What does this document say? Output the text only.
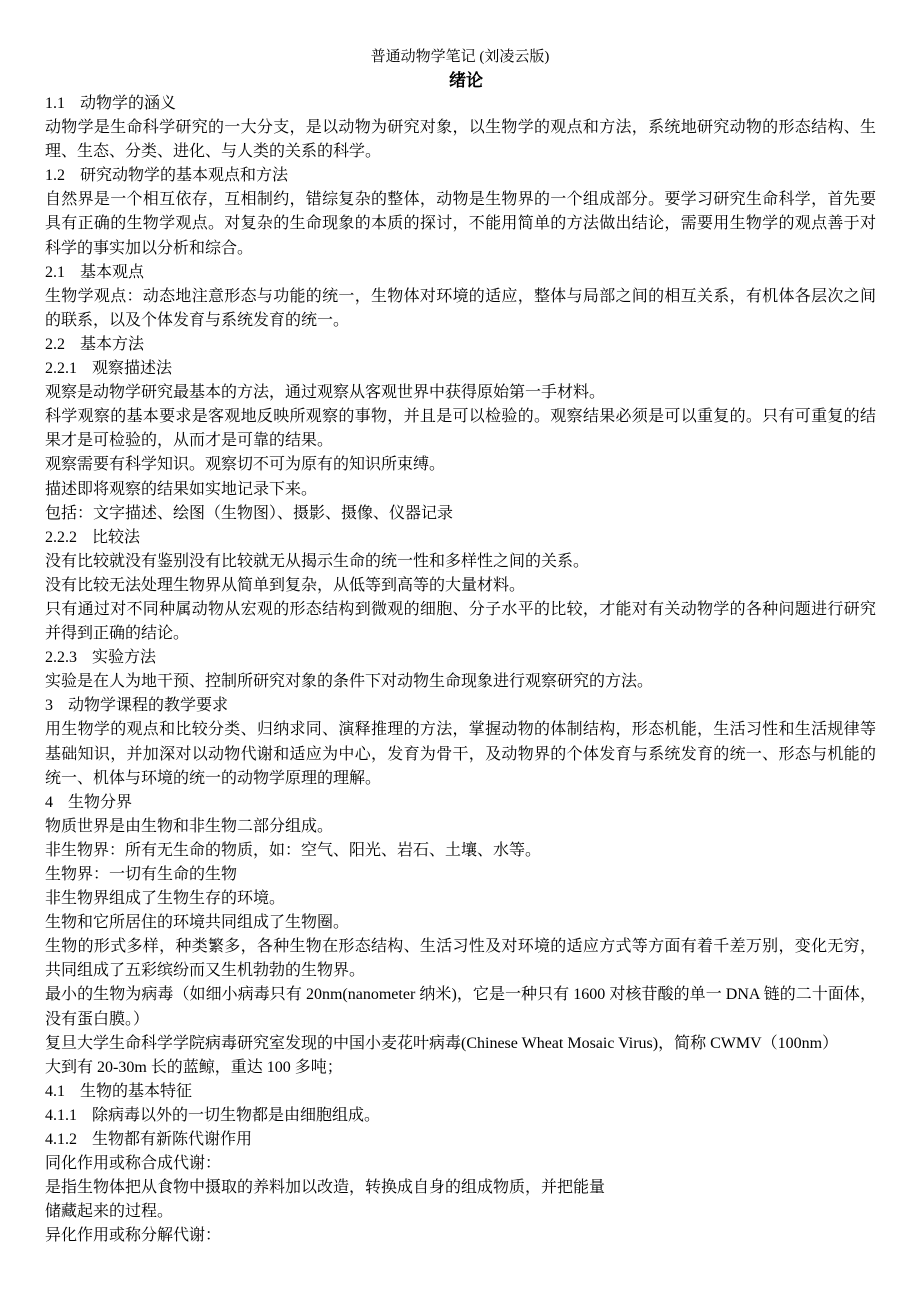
普通动物学笔记 (刘凌云版)
绪论
1.1 动物学的涵义
动物学是生命科学研究的一大分支，是以动物为研究对象，以生物学的观点和方法，系统地研究动物的形态结构、生
理、生态、分类、进化、与人类的关系的科学。
1.2 研究动物学的基本观点和方法
自然界是一个相互依存，互相制约，错综复杂的整体，动物是生物界的一个组成部分。要学习研究生命科学，首先要
具有正确的生物学观点。对复杂的生命现象的本质的探讨，不能用简单的方法做出结论，需要用生物学的观点善于对
科学的事实加以分析和综合。
2.1 基本观点
生物学观点：动态地注意形态与功能的统一，生物体对环境的适应，整体与局部之间的相互关系，有机体各层次之间
的联系，以及个体发育与系统发育的统一。
2.2 基本方法
2.2.1 观察描述法
观察是动物学研究最基本的方法，通过观察从客观世界中获得原始第一手材料。
科学观察的基本要求是客观地反映所观察的事物，并且是可以检验的。观察结果必须是可以重复的。只有可重复的结
果才是可检验的，从而才是可靠的结果。
观察需要有科学知识。观察切不可为原有的知识所束缚。
描述即将观察的结果如实地记录下来。
包括：文字描述、绘图（生物图）、摄影、摄像、仪器记录
2.2.2 比较法
没有比较就没有鉴别没有比较就无从揭示生命的统一性和多样性之间的关系。
没有比较无法处理生物界从简单到复杂，从低等到高等的大量材料。
只有通过对不同种属动物从宏观的形态结构到微观的细胞、分子水平的比较，才能对有关动物学的各种问题进行研究
并得到正确的结论。
2.2.3 实验方法
实验是在人为地干预、控制所研究对象的条件下对动物生命现象进行观察研究的方法。
3 动物学课程的教学要求
用生物学的观点和比较分类、归纳求同、演释推理的方法，掌握动物的体制结构，形态机能，生活习性和生活规律等
基础知识，并加深对以动物代谢和适应为中心，发育为骨干，及动物界的个体发育与系统发育的统一、形态与机能的
统一、机体与环境的统一的动物学原理的理解。
4 生物分界
物质世界是由生物和非生物二部分组成。
非生物界：所有无生命的物质，如：空气、阳光、岩石、土壤、水等。
生物界：一切有生命的生物
非生物界组成了生物生存的环境。
生物和它所居住的环境共同组成了生物圈。
生物的形式多样，种类繁多，各种生物在形态结构、生活习性及对环境的适应方式等方面有着千差万别，变化无穷，
共同组成了五彩缤纷而又生机勃勃的生物界。
最小的生物为病毒（如细小病毒只有 20nm(nanometer 纳米)，它是一种只有 1600 对核苷酸的单一 DNA 链的二十面体，
没有蛋白膜。）
复旦大学生命科学学院病毒研究室发现的中国小麦花叶病毒(Chinese Wheat Mosaic Virus)，简称 CWMV（100nm）
大到有 20-30m 长的蓝鲸，重达 100 多吨；
4.1 生物的基本特征
4.1.1 除病毒以外的一切生物都是由细胞组成。
4.1.2 生物都有新陈代谢作用
同化作用或称合成代谢：
是指生物体把从食物中摄取的养料加以改造，转换成自身的组成物质，并把能量
储藏起来的过程。
异化作用或称分解代谢：
